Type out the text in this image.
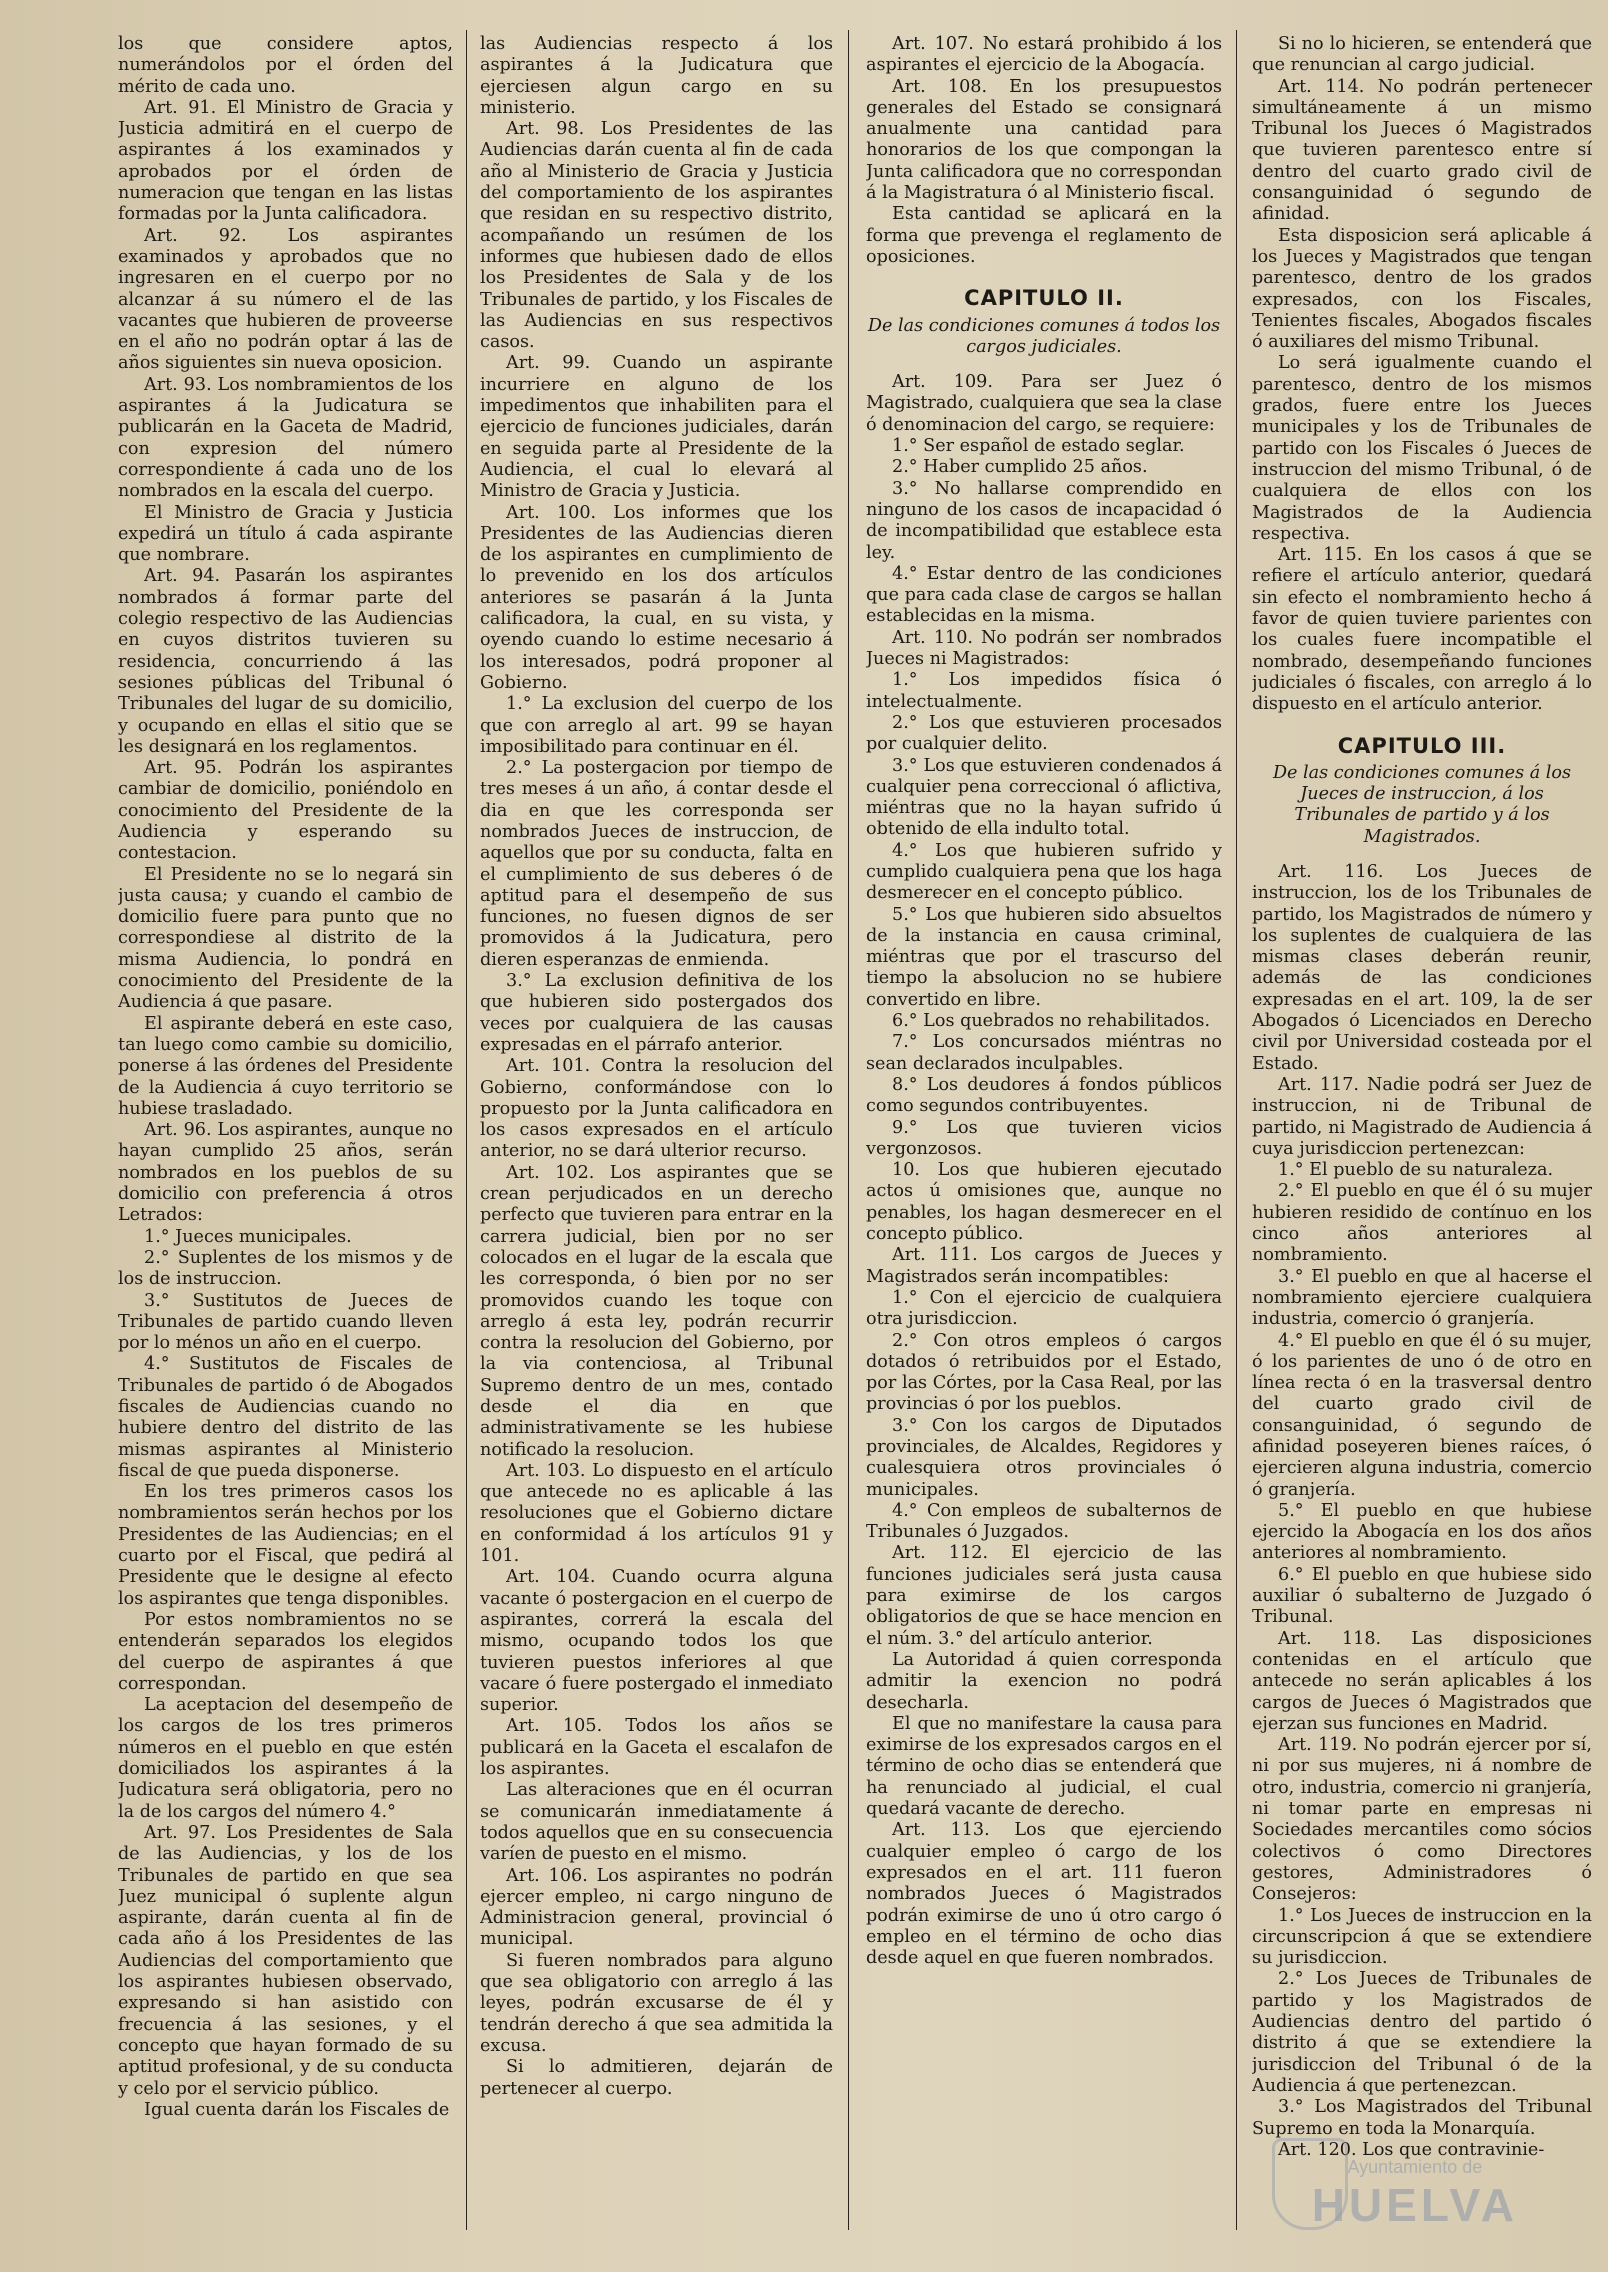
los que considere aptos, numerándolos por el órden del mérito de cada uno.

Art. 91. El Ministro de Gracia y Justicia admitirá en el cuerpo de aspirantes á los examinados y aprobados por el órden de numeracion que tengan en las listas formadas por la Junta calificadora.

Art. 92. Los aspirantes examinados y aprobados que no ingresaren en el cuerpo por no alcanzar á su número el de las vacantes que hubieren de proveerse en el año no podrán optar á las de años siguientes sin nueva oposicion.

Art. 93. Los nombramientos de los aspirantes á la Judicatura se publicarán en la Gaceta de Madrid, con expresion del número correspondiente á cada uno de los nombrados en la escala del cuerpo.

El Ministro de Gracia y Justicia expedirá un título á cada aspirante que nombrare.

Art. 94. Pasarán los aspirantes nombrados á formar parte del colegio respectivo de las Audiencias en cuyos distritos tuvieren su residencia, concurriendo á las sesiones públicas del Tribunal ó Tribunales del lugar de su domicilio, y ocupando en ellas el sitio que se les designará en los reglamentos.

Art. 95. Podrán los aspirantes cambiar de domicilio, poniéndolo en conocimiento del Presidente de la Audiencia y esperando su contestacion.

El Presidente no se lo negará sin justa causa; y cuando el cambio de domicilio fuere para punto que no correspondiese al distrito de la misma Audiencia, lo pondrá en conocimiento del Presidente de la Audiencia á que pasare.

El aspirante deberá en este caso, tan luego como cambie su domicilio, ponerse á las órdenes del Presidente de la Audiencia á cuyo territorio se hubiese trasladado.

Art. 96. Los aspirantes, aunque no hayan cumplido 25 años, serán nombrados en los pueblos de su domicilio con preferencia á otros Letrados:

1.° Jueces municipales.

2.° Suplentes de los mismos y de los de instruccion.

3.° Sustitutos de Jueces de Tribunales de partido cuando lleven por lo ménos un año en el cuerpo.

4.° Sustitutos de Fiscales de Tribunales de partido ó de Abogados fiscales de Audiencias cuando no hubiere dentro del distrito de las mismas aspirantes al Ministerio fiscal de que pueda disponerse.

En los tres primeros casos los nombramientos serán hechos por los Presidentes de las Audiencias; en el cuarto por el Fiscal, que pedirá al Presidente que le designe al efecto los aspirantes que tenga disponibles.

Por estos nombramientos no se entenderán separados los elegidos del cuerpo de aspirantes á que correspondan.

La aceptacion del desempeño de los cargos de los tres primeros números en el pueblo en que estén domiciliados los aspirantes á la Judicatura será obligatoria, pero no la de los cargos del número 4.°

Art. 97. Los Presidentes de Sala de las Audiencias, y los de los Tribunales de partido en que sea Juez municipal ó suplente algun aspirante, darán cuenta al fin de cada año á los Presidentes de las Audiencias del comportamiento que los aspirantes hubiesen observado, expresando si han asistido con frecuencia á las sesiones, y el concepto que hayan formado de su aptitud profesional, y de su conducta y celo por el servicio público.

Igual cuenta darán los Fiscales de

las Audiencias respecto á los aspirantes á la Judicatura que ejerciesen algun cargo en su ministerio.

Art. 98. Los Presidentes de las Audiencias darán cuenta al fin de cada año al Ministerio de Gracia y Justicia del comportamiento de los aspirantes que residan en su respectivo distrito, acompañando un resúmen de los informes que hubiesen dado de ellos los Presidentes de Sala y de los Tribunales de partido, y los Fiscales de las Audiencias en sus respectivos casos.

Art. 99. Cuando un aspirante incurriere en alguno de los impedimentos que inhabiliten para el ejercicio de funciones judiciales, darán en seguida parte al Presidente de la Audiencia, el cual lo elevará al Ministro de Gracia y Justicia.

Art. 100. Los informes que los Presidentes de las Audiencias dieren de los aspirantes en cumplimiento de lo prevenido en los dos artículos anteriores se pasarán á la Junta calificadora, la cual, en su vista, y oyendo cuando lo estime necesario á los interesados, podrá proponer al Gobierno.

1.° La exclusion del cuerpo de los que con arreglo al art. 99 se hayan imposibilitado para continuar en él.

2.° La postergacion por tiempo de tres meses á un año, á contar desde el dia en que les corresponda ser nombrados Jueces de instruccion, de aquellos que por su conducta, falta en el cumplimiento de sus deberes ó de aptitud para el desempeño de sus funciones, no fuesen dignos de ser promovidos á la Judicatura, pero dieren esperanzas de enmienda.

3.° La exclusion definitiva de los que hubieren sido postergados dos veces por cualquiera de las causas expresadas en el párrafo anterior.

Art. 101. Contra la resolucion del Gobierno, conformándose con lo propuesto por la Junta calificadora en los casos expresados en el artículo anterior, no se dará ulterior recurso.

Art. 102. Los aspirantes que se crean perjudicados en un derecho perfecto que tuvieren para entrar en la carrera judicial, bien por no ser colocados en el lugar de la escala que les corresponda, ó bien por no ser promovidos cuando les toque con arreglo á esta ley, podrán recurrir contra la resolucion del Gobierno, por la via contenciosa, al Tribunal Supremo dentro de un mes, contado desde el dia en que administrativamente se les hubiese notificado la resolucion.

Art. 103. Lo dispuesto en el artículo que antecede no es aplicable á las resoluciones que el Gobierno dictare en conformidad á los artículos 91 y 101.

Art. 104. Cuando ocurra alguna vacante ó postergacion en el cuerpo de aspirantes, correrá la escala del mismo, ocupando todos los que tuvieren puestos inferiores al que vacare ó fuere postergado el inmediato superior.

Art. 105. Todos los años se publicará en la Gaceta el escalafon de los aspirantes.

Las alteraciones que en él ocurran se comunicarán inmediatamente á todos aquellos que en su consecuencia varíen de puesto en el mismo.

Art. 106. Los aspirantes no podrán ejercer empleo, ni cargo ninguno de Administracion general, provincial ó municipal.

Si fueren nombrados para alguno que sea obligatorio con arreglo á las leyes, podrán excusarse de él y tendrán derecho á que sea admitida la excusa.

Si lo admitieren, dejarán de pertenecer al cuerpo.

Art. 107. No estará prohibido á los aspirantes el ejercicio de la Abogacía.

Art. 108. En los presupuestos generales del Estado se consignará anualmente una cantidad para honorarios de los que compongan la Junta calificadora que no correspondan á la Magistratura ó al Ministerio fiscal.

Esta cantidad se aplicará en la forma que prevenga el reglamento de oposiciones.

CAPITULO II.

De las condiciones comunes á todos los cargos judiciales.

Art. 109. Para ser Juez ó Magistrado, cualquiera que sea la clase ó denominacion del cargo, se requiere:

1.° Ser español de estado seglar.

2.° Haber cumplido 25 años.

3.° No hallarse comprendido en ninguno de los casos de incapacidad ó de incompatibilidad que establece esta ley.

4.° Estar dentro de las condiciones que para cada clase de cargos se hallan establecidas en la misma.

Art. 110. No podrán ser nombrados Jueces ni Magistrados:

1.° Los impedidos física ó intelectualmente.

2.° Los que estuvieren procesados por cualquier delito.

3.° Los que estuvieren condenados á cualquier pena correccional ó aflictiva, miéntras que no la hayan sufrido ú obtenido de ella indulto total.

4.° Los que hubieren sufrido y cumplido cualquiera pena que los haga desmerecer en el concepto público.

5.° Los que hubieren sido absueltos de la instancia en causa criminal, miéntras que por el trascurso del tiempo la absolucion no se hubiere convertido en libre.

6.° Los quebrados no rehabilitados.

7.° Los concursados miéntras no sean declarados inculpables.

8.° Los deudores á fondos públicos como segundos contribuyentes.

9.° Los que tuvieren vicios vergonzosos.

10. Los que hubieren ejecutado actos ú omisiones que, aunque no penables, los hagan desmerecer en el concepto público.

Art. 111. Los cargos de Jueces y Magistrados serán incompatibles:

1.° Con el ejercicio de cualquiera otra jurisdiccion.

2.° Con otros empleos ó cargos dotados ó retribuidos por el Estado, por las Córtes, por la Casa Real, por las provincias ó por los pueblos.

3.° Con los cargos de Diputados provinciales, de Alcaldes, Regidores y cualesquiera otros provinciales ó municipales.

4.° Con empleos de subalternos de Tribunales ó Juzgados.

Art. 112. El ejercicio de las funciones judiciales será justa causa para eximirse de los cargos obligatorios de que se hace mencion en el núm. 3.° del artículo anterior.

La Autoridad á quien corresponda admitir la exencion no podrá desecharla.

El que no manifestare la causa para eximirse de los expresados cargos en el término de ocho dias se entenderá que ha renunciado al judicial, el cual quedará vacante de derecho.

Art. 113. Los que ejerciendo cualquier empleo ó cargo de los expresados en el art. 111 fueron nombrados Jueces ó Magistrados podrán eximirse de uno ú otro cargo ó empleo en el término de ocho dias desde aquel en que fueren nombrados.

Si no lo hicieren, se entenderá que que renuncian al cargo judicial.

Art. 114. No podrán pertenecer simultáneamente á un mismo Tribunal los Jueces ó Magistrados que tuvieren parentesco entre sí dentro del cuarto grado civil de consanguinidad ó segundo de afinidad.

Esta disposicion será aplicable á los Jueces y Magistrados que tengan parentesco, dentro de los grados expresados, con los Fiscales, Tenientes fiscales, Abogados fiscales ó auxiliares del mismo Tribunal.

Lo será igualmente cuando el parentesco, dentro de los mismos grados, fuere entre los Jueces municipales y los de Tribunales de partido con los Fiscales ó Jueces de instruccion del mismo Tribunal, ó de cualquiera de ellos con los Magistrados de la Audiencia respectiva.

Art. 115. En los casos á que se refiere el artículo anterior, quedará sin efecto el nombramiento hecho á favor de quien tuviere parientes con los cuales fuere incompatible el nombrado, desempeñando funciones judiciales ó fiscales, con arreglo á lo dispuesto en el artículo anterior.

CAPITULO III.

De las condiciones comunes á los Jueces de instruccion, á los Tribunales de partido y á los Magistrados.

Art. 116. Los Jueces de instruccion, los de los Tribunales de partido, los Magistrados de número y los suplentes de cualquiera de las mismas clases deberán reunir, además de las condiciones expresadas en el art. 109, la de ser Abogados ó Licenciados en Derecho civil por Universidad costeada por el Estado.

Art. 117. Nadie podrá ser Juez de instruccion, ni de Tribunal de partido, ni Magistrado de Audiencia á cuya jurisdiccion pertenezcan:

1.° El pueblo de su naturaleza.

2.° El pueblo en que él ó su mujer hubieren residido de contínuo en los cinco años anteriores al nombramiento.

3.° El pueblo en que al hacerse el nombramiento ejerciere cualquiera industria, comercio ó granjería.

4.° El pueblo en que él ó su mujer, ó los parientes de uno ó de otro en línea recta ó en la trasversal dentro del cuarto grado civil de consanguinidad, ó segundo de afinidad poseyeren bienes raíces, ó ejercieren alguna industria, comercio ó granjería.

5.° El pueblo en que hubiese ejercido la Abogacía en los dos años anteriores al nombramiento.

6.° El pueblo en que hubiese sido auxiliar ó subalterno de Juzgado ó Tribunal.

Art. 118. Las disposiciones contenidas en el artículo que antecede no serán aplicables á los cargos de Jueces ó Magistrados que ejerzan sus funciones en Madrid.

Art. 119. No podrán ejercer por sí, ni por sus mujeres, ni á nombre de otro, industria, comercio ni granjería, ni tomar parte en empresas ni Sociedades mercantiles como sócios colectivos ó como Directores gestores, Administradores ó Consejeros:

1.° Los Jueces de instruccion en la circunscripcion á que se extendiere su jurisdiccion.

2.° Los Jueces de Tribunales de partido y los Magistrados de Audiencias dentro del partido ó distrito á que se extendiere la jurisdiccion del Tribunal ó de la Audiencia á que pertenezcan.

3.° Los Magistrados del Tribunal Supremo en toda la Monarquía.

Art. 120. Los que contravinie-

Ayuntamiento de
HUELVA
